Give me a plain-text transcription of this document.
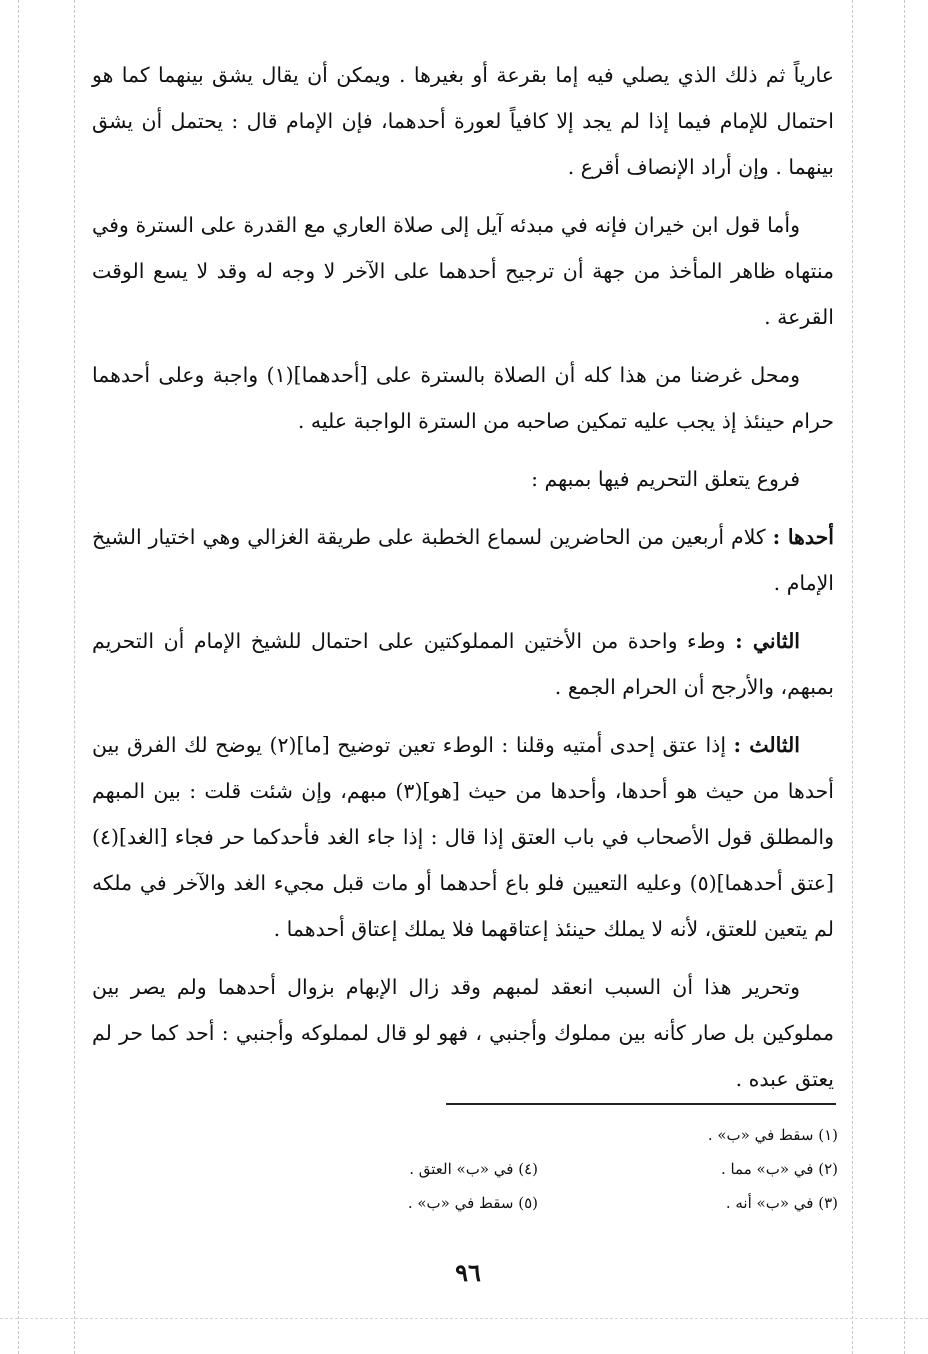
عارياً ثم ذلك الذي يصلي فيه إما بقرعة أو بغيرها . ويمكن أن يقال يشق بينهما كما هو احتمال للإمام فيما إذا لم يجد إلا كافياً لعورة أحدهما، فإن الإمام قال : يحتمل أن يشق بينهما . وإن أراد الإنصاف أقرع .

وأما قول ابن خيران فإنه في مبدئه آيل إلى صلاة العاري مع القدرة على السترة وفي منتهاه ظاهر المأخذ من جهة أن ترجيح أحدهما على الآخر لا وجه له وقد لا يسع الوقت القرعة .

ومحل غرضنا من هذا كله أن الصلاة بالسترة على [أحدهما](١) واجبة وعلى أحدهما حرام حينئذ إذ يجب عليه تمكين صاحبه من السترة الواجبة عليه .

فروع يتعلق التحريم فيها بمبهم :

أحدها : كلام أربعين من الحاضرين لسماع الخطبة على طريقة الغزالي وهي اختيار الشيخ الإمام .

الثاني : وطء واحدة من الأختين المملوكتين على احتمال للشيخ الإمام أن التحريم بمبهم، والأرجح أن الحرام الجمع .

الثالث : إذا عتق إحدى أمتيه وقلنا : الوطء تعين توضيح [ما](٢) يوضح لك الفرق بين أحدها من حيث هو أحدها، وأحدها من حيث [هو](٣) مبهم، وإن شئت قلت : بين المبهم والمطلق قول الأصحاب في باب العتق إذا قال : إذا جاء الغد فأحدكما حر فجاء [الغد](٤) [عتق أحدهما](٥) وعليه التعيين فلو باع أحدهما أو مات قبل مجيء الغد والآخر في ملكه لم يتعين للعتق، لأنه لا يملك حينئذ إعتاقهما فلا يملك إعتاق أحدهما .

وتحرير هذا أن السبب انعقد لمبهم وقد زال الإبهام بزوال أحدهما ولم يصر بين مملوكين بل صار كأنه بين مملوك وأجنبي ، فهو لو قال لمملوكه وأجنبي : أحد كما حر لم يعتق عبده .

(١) سقط في «ب» .
(٢) في «ب» مما .
(٣) في «ب» أنه .
(٤) في «ب» العتق .
(٥) سقط في «ب» .
٩٦
